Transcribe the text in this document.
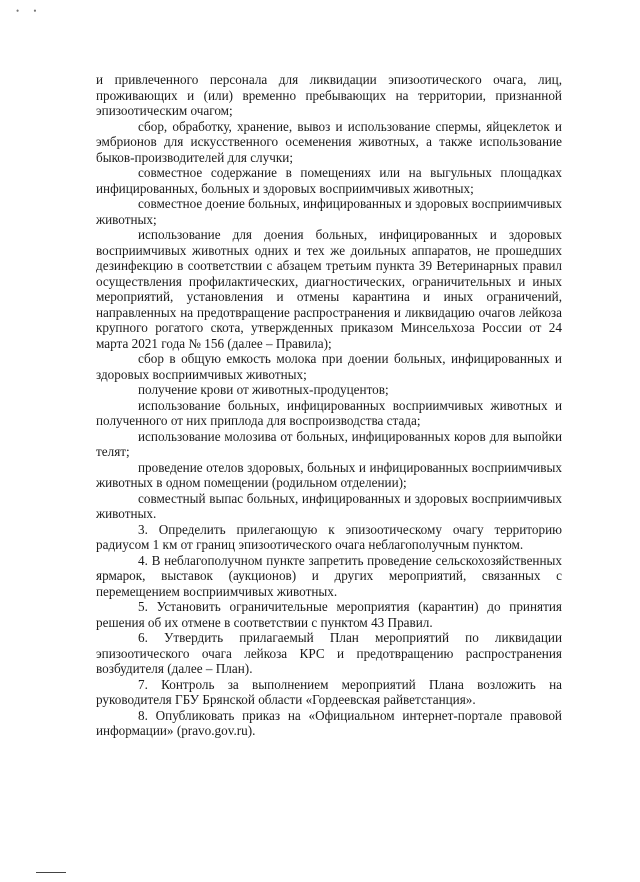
• •

и привлеченного персонала для ликвидации эпизоотического очага, лиц, проживающих и (или) временно пребывающих на территории, признанной эпизоотическим очагом;

сбор, обработку, хранение, вывоз и использование спермы, яйцеклеток и эмбрионов для искусственного осеменения животных, а также использование быков-производителей для случки;

совместное содержание в помещениях или на выгульных площадках инфицированных, больных и здоровых восприимчивых животных;

совместное доение больных, инфицированных и здоровых восприимчивых животных;

использование для доения больных, инфицированных и здоровых восприимчивых животных одних и тех же доильных аппаратов, не прошедших дезинфекцию в соответствии с абзацем третьим пункта 39 Ветеринарных правил осуществления профилактических, диагностических, ограничительных и иных мероприятий, установления и отмены карантина и иных ограничений, направленных на предотвращение распространения и ликвидацию очагов лейкоза крупного рогатого скота, утвержденных приказом Минсельхоза России от 24 марта 2021 года № 156 (далее – Правила);

сбор в общую емкость молока при доении больных, инфицированных и здоровых восприимчивых животных;

получение крови от животных-продуцентов;

использование больных, инфицированных восприимчивых животных и полученного от них приплода для воспроизводства стада;

использование молозива от больных, инфицированных коров для выпойки телят;

проведение отелов здоровых, больных и инфицированных восприимчивых животных в одном помещении (родильном отделении);

совместный выпас больных, инфицированных и здоровых восприимчивых животных.

3. Определить прилегающую к эпизоотическому очагу территорию радиусом 1 км от границ эпизоотического очага неблагополучным пунктом.

4. В неблагополучном пункте запретить проведение сельскохозяйственных ярмарок, выставок (аукционов) и других мероприятий, связанных с перемещением восприимчивых животных.

5. Установить ограничительные мероприятия (карантин) до принятия решения об их отмене в соответствии с пунктом 43 Правил.

6. Утвердить прилагаемый План мероприятий по ликвидации эпизоотического очага лейкоза КРС и предотвращению распространения возбудителя (далее – План).

7. Контроль за выполнением мероприятий Плана возложить на руководителя ГБУ Брянской области «Гордеевская райветстанция».

8. Опубликовать приказ на «Официальном интернет-портале правовой информации» (pravo.gov.ru).
